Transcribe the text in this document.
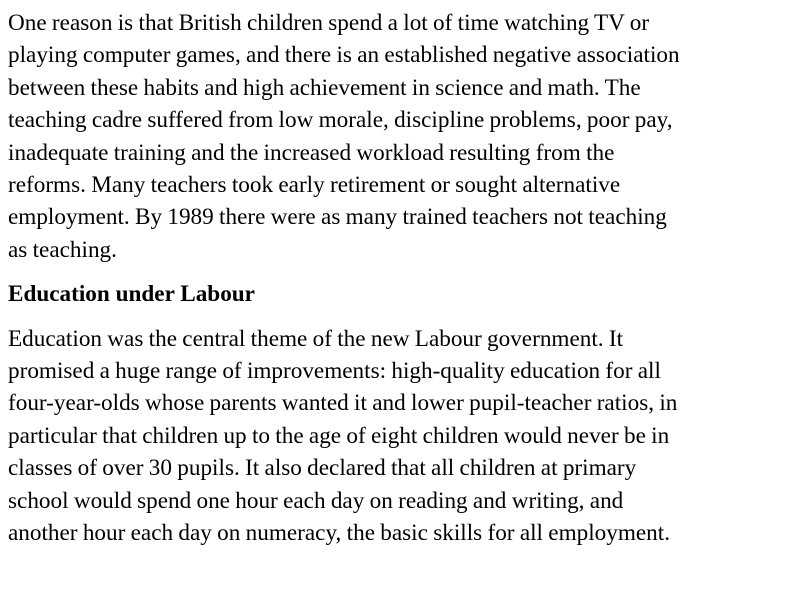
One reason is that British children spend a lot of time watching TV or
playing computer games, and there is an established negative association
between these habits and high achievement in science and math. The
teaching cadre suffered from low morale, discipline problems, poor pay,
inadequate training and the increased workload resulting from the
reforms. Many teachers took early retirement or sought alternative
employment. By 1989 there were as many trained teachers not teaching
as teaching.

Education under Labour

Education was the central theme of the new Labour government. It
promised a huge range of improvements: high-quality education for all
four-year-olds whose parents wanted it and lower pupil-teacher ratios, in
particular that children up to the age of eight children would never be in
classes of over 30 pupils. It also declared that all children at primary
school would spend one hour each day on reading and writing, and
another hour each day on numeracy, the basic skills for all employment.
